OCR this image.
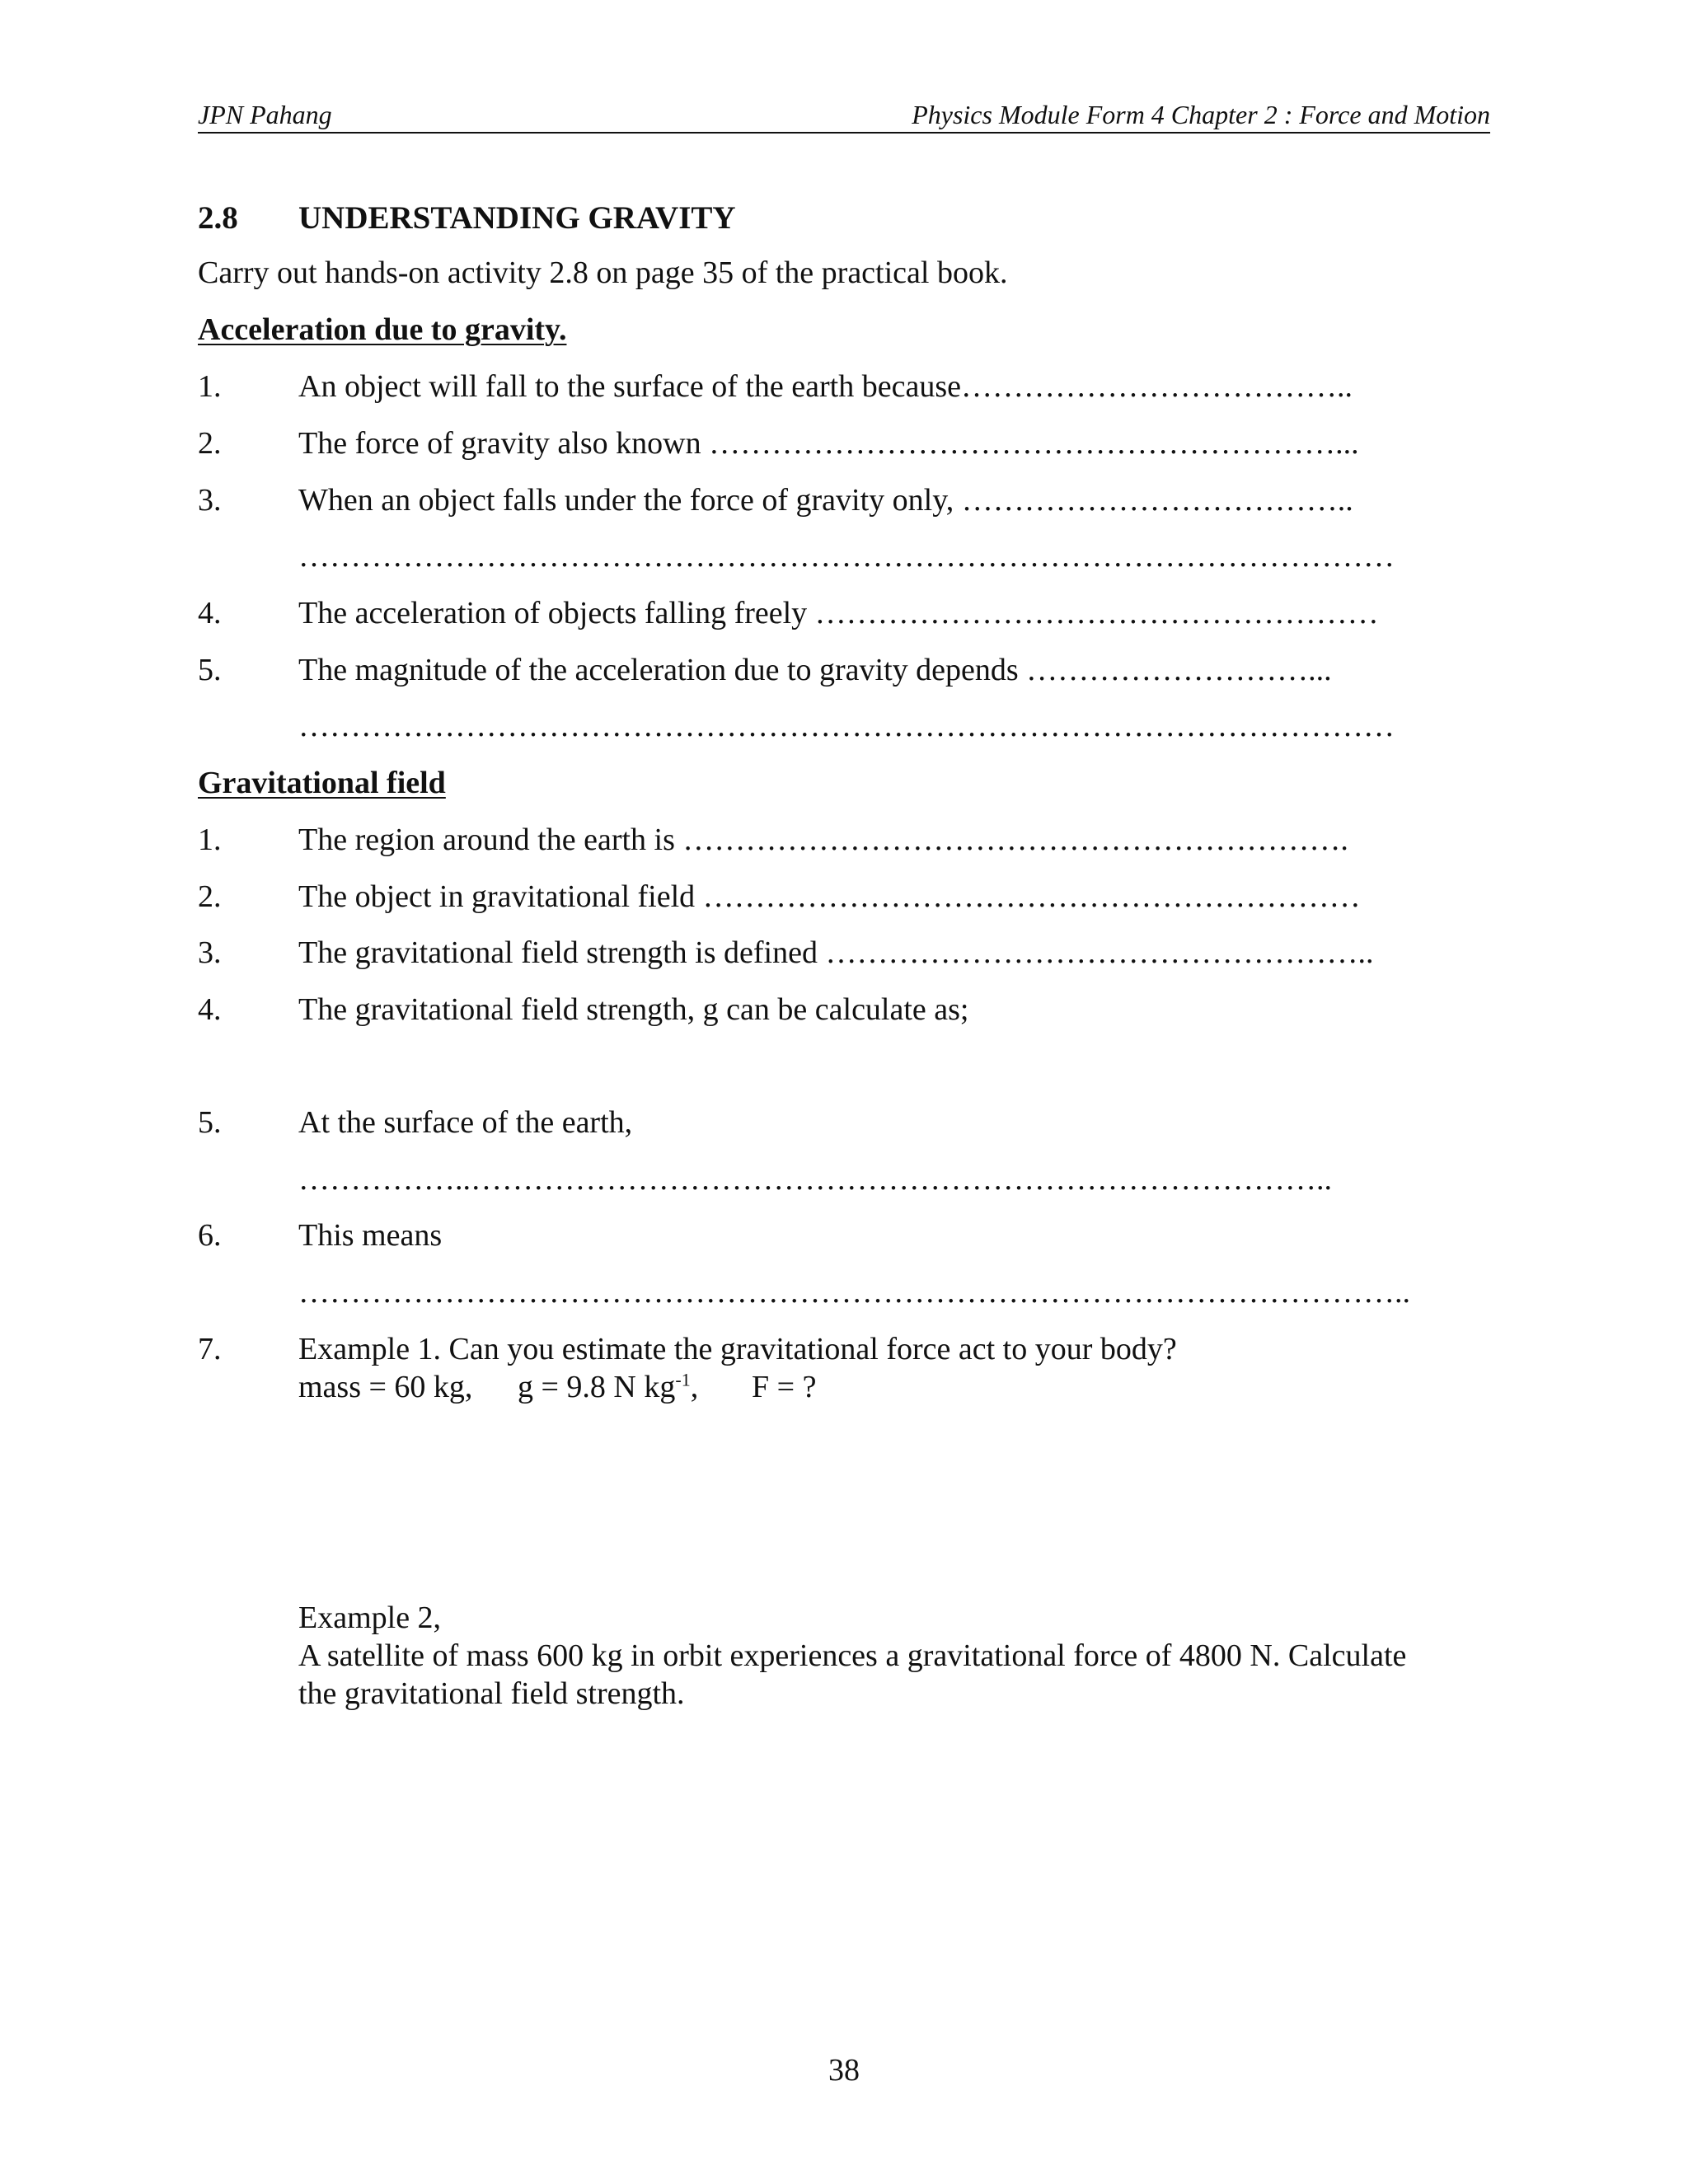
JPN Pahang	Physics Module Form 4 Chapter 2 : Force and Motion
2.8 UNDERSTANDING GRAVITY
Carry out hands-on activity 2.8 on page 35 of the practical book.
Acceleration due to gravity.
1. An object will fall to the surface of the earth because………………………………..
2. The force of gravity also known ……………………………………………………...
3. When an object falls under the force of gravity only, ………………………………..
……………………………………………………………………………………………
4. The acceleration of objects falling freely ………………………………………………
5. The magnitude of the acceleration due to gravity depends ………………………...
……………………………………………………………………………………………
Gravitational field
1. The region around the earth is ……………………………………………………….
2. The object in gravitational field ………………………………………………………
3. The gravitational field strength is defined ……………………………………………..
4. The gravitational field strength, g can be calculate as;
5. At the surface of the earth,
……………..………………………………………………………………………..
6. This means
……………………………………………………………………………………………..
7. Example 1. Can you estimate the gravitational force act to your body?
mass = 60 kg, g = 9.8 N $kg^{-1}$, F = ?
Example 2,
A satellite of mass 600 kg in orbit experiences a gravitational force of 4800 N. Calculate
the gravitational field strength.
38
